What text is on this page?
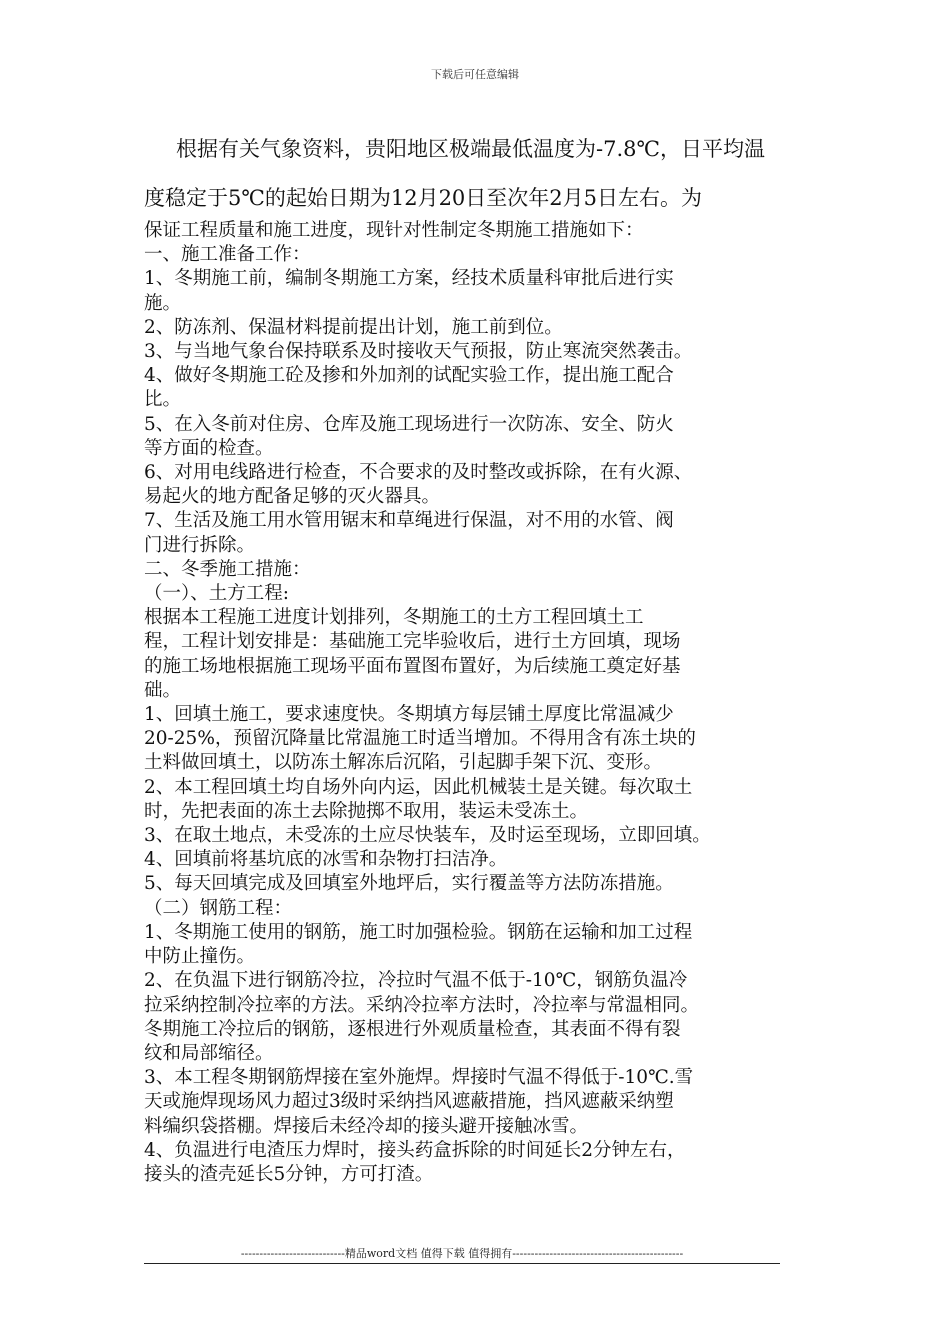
下载后可任意编辑
根据有关气象资料，贵阳地区极端最低温度为-7.8℃，日平均温
度稳定于5℃的起始日期为12月20日至次年2月5日左右。为

保证工程质量和施工进度，现针对性制定冬期施工措施如下：

一、施工准备工作：

1、冬期施工前，编制冬期施工方案，经技术质量科审批后进行实

施。

2、防冻剂、保温材料提前提出计划，施工前到位。

3、与当地气象台保持联系及时接收天气预报，防止寒流突然袭击。

4、做好冬期施工砼及掺和外加剂的试配实验工作，提出施工配合

比。

5、在入冬前对住房、仓库及施工现场进行一次防冻、安全、防火

等方面的检查。

6、对用电线路进行检查，不合要求的及时整改或拆除，在有火源、

易起火的地方配备足够的灭火器具。

7、生活及施工用水管用锯末和草绳进行保温，对不用的水管、阀

门进行拆除。

二、冬季施工措施：

（一）、土方工程:

根据本工程施工进度计划排列，冬期施工的土方工程回填土工

程，工程计划安排是：基础施工完毕验收后，进行土方回填，现场

的施工场地根据施工现场平面布置图布置好，为后续施工奠定好基

础。

1、回填土施工，要求速度快。冬期填方每层铺土厚度比常温减少

20-25%，预留沉降量比常温施工时适当增加。不得用含有冻土块的

土料做回填土，以防冻土解冻后沉陷，引起脚手架下沉、变形。

2、本工程回填土均自场外向内运，因此机械装土是关键。每次取土

时，先把表面的冻土去除抛掷不取用，装运未受冻土。

3、在取土地点，未受冻的土应尽快装车，及时运至现场，立即回填。

4、回填前将基坑底的冰雪和杂物打扫洁净。

5、每天回填完成及回填室外地坪后，实行覆盖等方法防冻措施。

（二）钢筋工程：

1、冬期施工使用的钢筋，施工时加强检验。钢筋在运输和加工过程

中防止撞伤。

2、在负温下进行钢筋冷拉，冷拉时气温不低于-10℃，钢筋负温冷

拉采纳控制冷拉率的方法。采纳冷拉率方法时，冷拉率与常温相同。

冬期施工冷拉后的钢筋，逐根进行外观质量检查，其表面不得有裂

纹和局部缩径。

3、本工程冬期钢筋焊接在室外施焊。焊接时气温不得低于-10℃.雪

天或施焊现场风力超过3级时采纳挡风遮蔽措施，挡风遮蔽采纳塑

料编织袋搭棚。焊接后未经冷却的接头避开接触冰雪。

4、负温进行电渣压力焊时，接头药盒拆除的时间延长2分钟左右，

接头的渣壳延长5分钟，方可打渣。

----------------------------精品word文档 值得下载 值得拥有----------------------------------------------
